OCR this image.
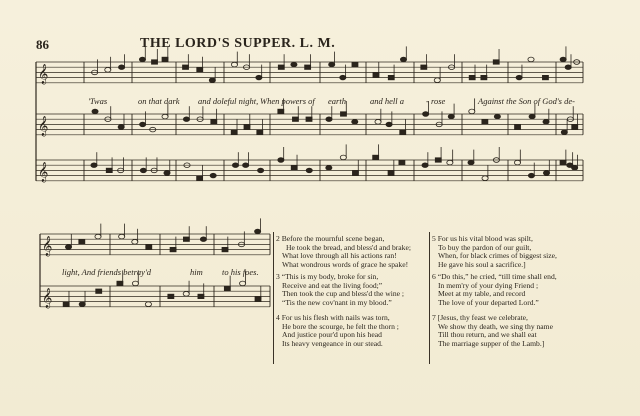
86	THE LORD'S SUPPER. L. M.
𝄞
𝄞
𝄞
𝄞
𝄞
𝄴
𝄴
𝄴
'Twas	on that dark and doleful night, When powers of earth	and hell a	- rose	Against the Son of God's de-
light, And friends betray'd	him to his foes.
2 Before the mournful scene began,
He took the bread, and bless'd and brake;
What love through all his actions ran!
What wondrous words of grace he spake!
3 “This is my body, broke for sin,
Receive and eat the living food;”
Then took the cup and bless'd the wine ;
“Tis the new cov'nant in my blood.”
4 For us his flesh with nails was torn,
He bore the scourge, he felt the thorn ;
And justice pour'd upon his head
Its heavy vengeance in our stead.
5 For us his vital blood was spilt,
To buy the pardon of our guilt,
When, for black crimes of biggest size,
He gave his soul a sacrifice.]
6 “Do this,” he cried, “till time shall end,
In mem'ry of your dying Friend ;
Meet at my table, and record
The love of your departed Lord.”
7 [Jesus, thy feast we celebrate,
We show thy death, we sing thy name
Till thou return, and we shall eat
The marriage supper of the Lamb.]
